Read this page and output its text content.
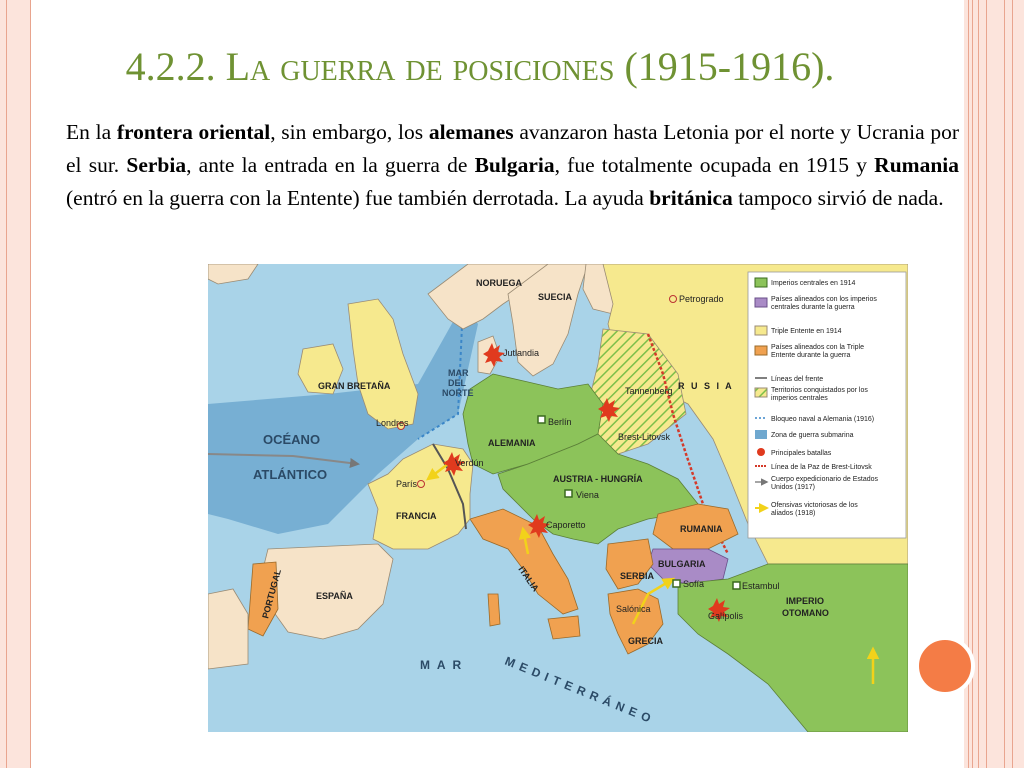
4.2.2. La guerra de posiciones (1915-1916).

En la frontera oriental, sin embargo, los alemanes avanzaron hasta Letonia por el norte y Ucrania por el sur. Serbia, ante la entrada en la guerra de Bulgaria, fue totalmente ocupada en 1915 y Rumania (entró en la guerra con la Entente) fue también derrotada. La ayuda británica tampoco sirvió de nada.

NORUEGA
SUECIA	Petrogrado
Jutlandia
MAR
DEL
NORTE
GRAN BRETAÑA
Londres
Tannenberg R U S I A
Berlín
Brest-Litovsk
OCÉANO
ATLÁNTICO
Verdún
ALEMANIA
París	AUSTRIA - HUNGRÍA
Viena
FRANCIA
Caporetto	RUMANIA
ITALIA
BULGARIA
SERBIA
Sofía	Estambul
PORTUGAL	ESPAÑA
Galípolis
IMPERIO
OTOMANO
Salónica
GRECIA
M A R	M E D I T E R R Á N E O
Imperios centrales en 1914
Países alineados con los imperios centrales durante la guerra
Triple Entente en 1914
Países alineados con la Triple Entente durante la guerra
Líneas del frente
Territorios conquistados por los imperios centrales
Bloqueo naval a Alemania (1916)
Zona de guerra submarina
Principales batallas
Línea de la Paz de Brest-Litovsk
Cuerpo expedicionario de Estados Unidos (1917)
Ofensivas victoriosas de los aliados (1918)
